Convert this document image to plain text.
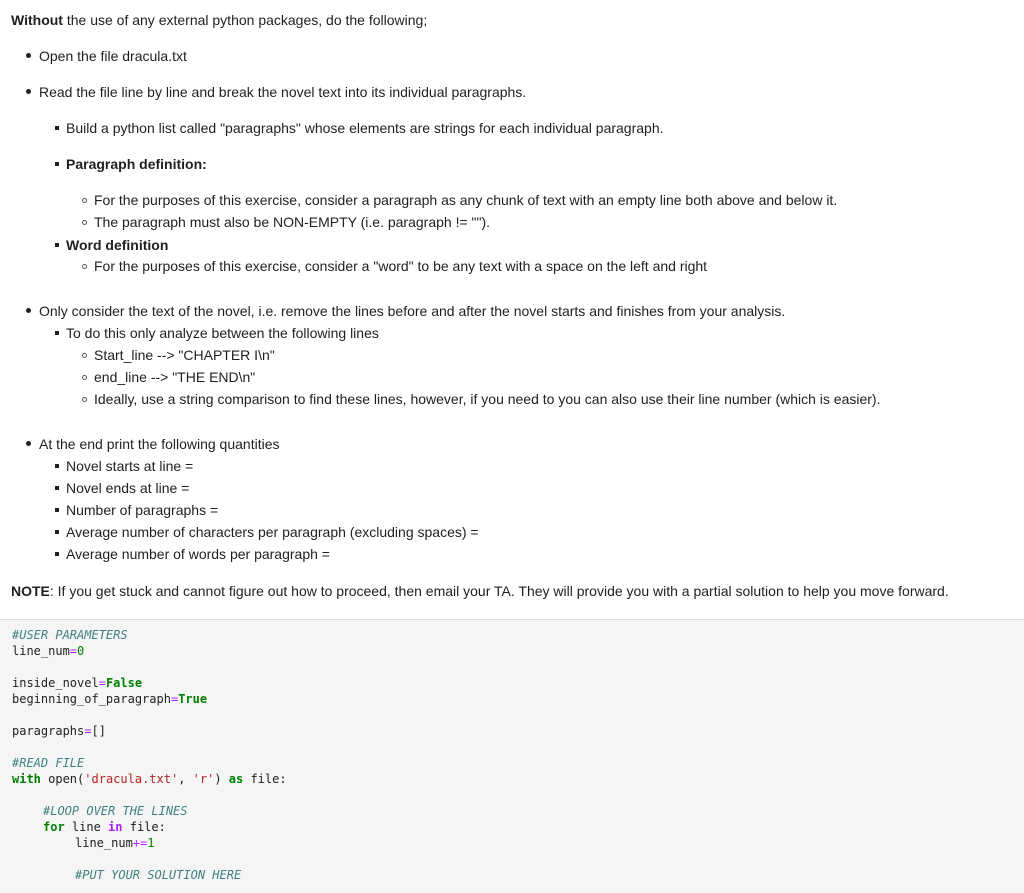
Without the use of any external python packages, do the following;
Open the file dracula.txt
Read the file line by line and break the novel text into its individual paragraphs.
Build a python list called "paragraphs" whose elements are strings for each individual paragraph.
Paragraph definition:
For the purposes of this exercise, consider a paragraph as any chunk of text with an empty line both above and below it.
The paragraph must also be NON-EMPTY (i.e. paragraph != "").
Word definition
For the purposes of this exercise, consider a "word" to be any text with a space on the left and right
Only consider the text of the novel, i.e. remove the lines before and after the novel starts and finishes from your analysis.
To do this only analyze between the following lines
Start_line --> "CHAPTER I\n"
end_line --> "THE END\n"
Ideally, use a string comparison to find these lines, however, if you need to you can also use their line number (which is easier).
At the end print the following quantities
Novel starts at line =
Novel ends at line =
Number of paragraphs =
Average number of characters per paragraph (excluding spaces) =
Average number of words per paragraph =
NOTE: If you get stuck and cannot figure out how to proceed, then email your TA. They will provide you with a partial solution to help you move forward.
#USER PARAMETERS
line_num=0
inside_novel=False
beginning_of_paragraph=True
paragraphs=[]
#READ FILE
with open('dracula.txt', 'r') as file:
#LOOP OVER THE LINES
for line in file:
line_num+=1
#PUT YOUR SOLUTION HERE
